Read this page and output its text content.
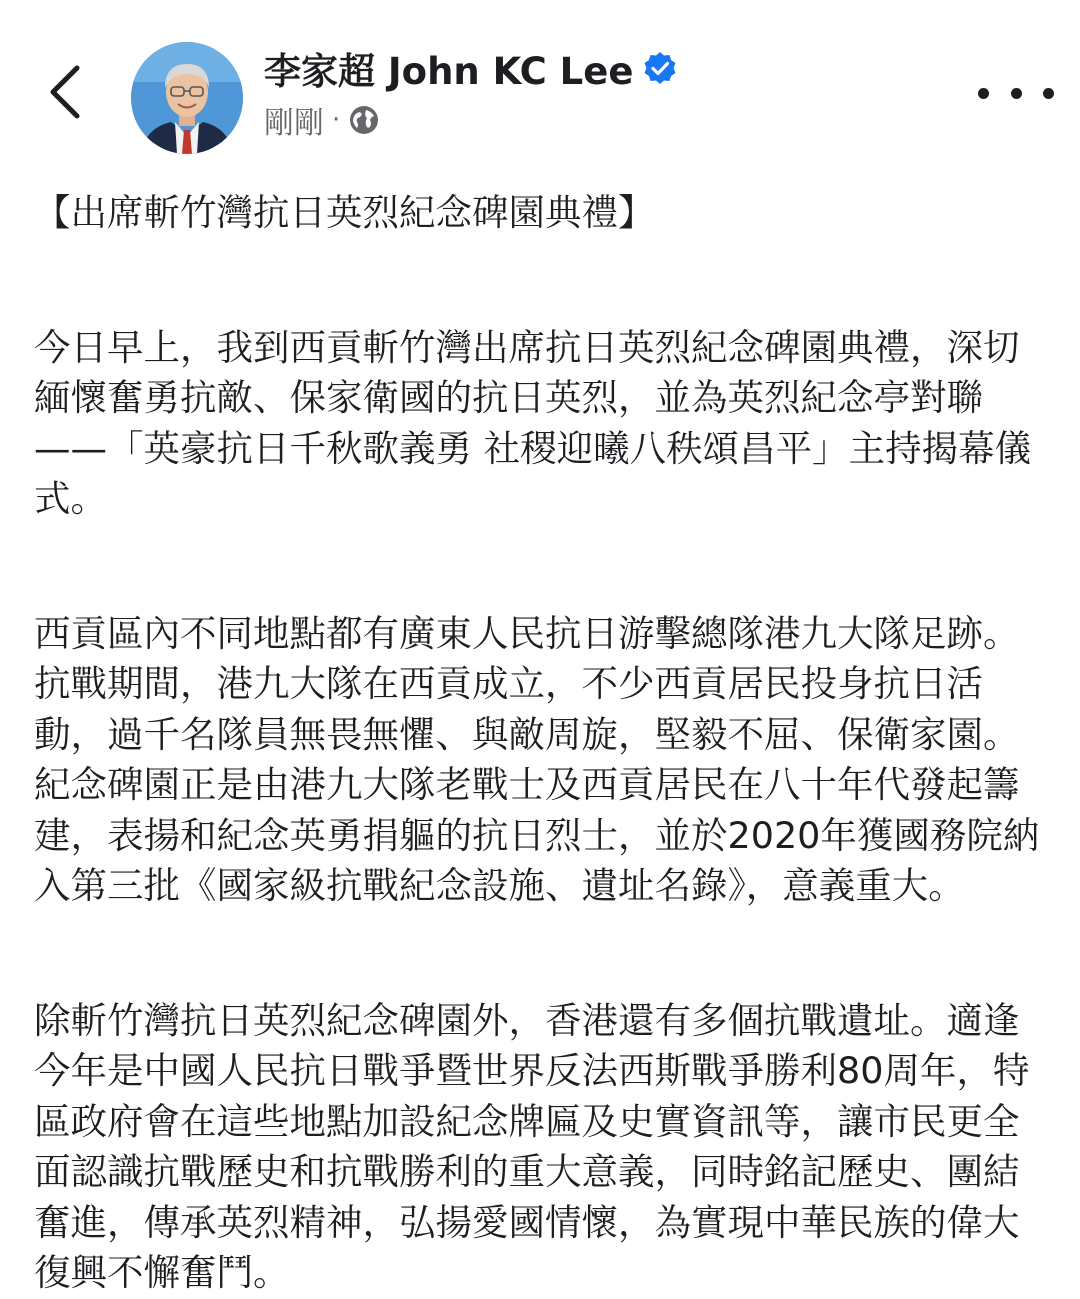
李家超 John KC Lee
剛剛 ·

【出席斬竹灣抗日英烈紀念碑園典禮】

今日早上，我到西貢斬竹灣出席抗日英烈紀念碑園典禮，深切緬懷奮勇抗敵、保家衛國的抗日英烈，並為英烈紀念亭對聯——「英豪抗日千秋歌義勇 社稷迎曦八秩頌昌平」主持揭幕儀式。

西貢區內不同地點都有廣東人民抗日游擊總隊港九大隊足跡。抗戰期間，港九大隊在西貢成立，不少西貢居民投身抗日活動，過千名隊員無畏無懼、與敵周旋，堅毅不屈、保衛家園。紀念碑園正是由港九大隊老戰士及西貢居民在八十年代發起籌建，表揚和紀念英勇捐軀的抗日烈士，並於2020年獲國務院納入第三批《國家級抗戰紀念設施、遺址名錄》，意義重大。

除斬竹灣抗日英烈紀念碑園外，香港還有多個抗戰遺址。適逢今年是中國人民抗日戰爭暨世界反法西斯戰爭勝利80周年，特區政府會在這些地點加設紀念牌匾及史實資訊等，讓市民更全面認識抗戰歷史和抗戰勝利的重大意義，同時銘記歷史、團結奮進，傳承英烈精神，弘揚愛國情懷，為實現中華民族的偉大復興不懈奮鬥。
